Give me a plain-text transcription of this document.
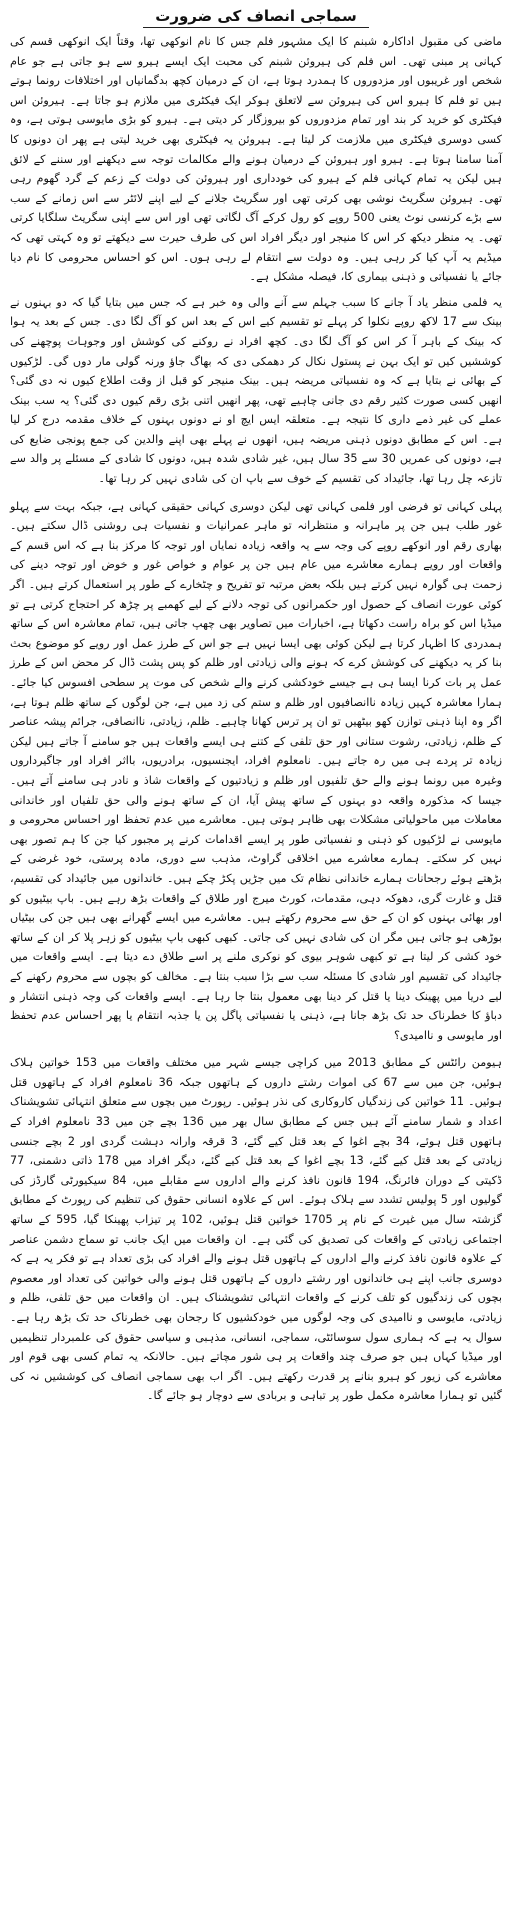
سماجی انصاف کی ضرورت

ماضی کی مقبول اداکارہ شبنم کا ایک مشہور فلم جس کا نام انوکھی تھا، وقتاً ایک انوکھی قسم کی کہانی پر مبنی تھی۔ اس فلم کی ہیروئن شبنم کی محبت ایک ایسے ہیرو سے ہو جاتی ہے جو عام شخص اور غریبوں اور مزدوروں کا ہمدرد ہوتا ہے، ان کے درمیان کچھ بدگمانیاں اور اختلافات رونما ہوتے ہیں تو فلم کا ہیرو اس کی ہیروئن سے لاتعلق ہوکر ایک فیکٹری میں ملازم ہو جاتا ہے۔ ہیروئن اس فیکٹری کو خرید کر بند اور تمام مزدوروں کو بیروزگار کر دیتی ہے۔ ہیرو کو بڑی مایوسی ہوتی ہے، وہ کسی دوسری فیکٹری میں ملازمت کر لیتا ہے۔ ہیروئن یہ فیکٹری بھی خرید لیتی ہے پھر ان دونوں کا آمنا سامنا ہوتا ہے۔ ہیرو اور ہیروئن کے درمیان ہونے والے مکالمات توجہ سے دیکھنے اور سننے کے لائق ہیں لیکن یہ تمام کہانی فلم کے ہیرو کی خودداری اور ہیروئن کی دولت کے زعم کے گرد گھوم رہی تھی۔ ہیروئن سگریٹ نوشی بھی کرتی تھی اور سگریٹ جلانے کے لیے اپنے لائٹر سے اس زمانے کے سب سے بڑے کرنسی نوٹ یعنی 500 روپے کو رول کرکے آگ لگاتی تھی اور اس سے اپنی سگریٹ سلگایا کرتی تھی۔ یہ منظر دیکھ کر اس کا منیجر اور دیگر افراد اس کی طرف حیرت سے دیکھتے تو وہ کہتی تھی کہ میڈیم یہ آپ کیا کر رہی ہیں۔ وہ دولت سے انتقام لے رہی ہوں۔ اس کو احساس محرومی کا نام دیا جائے یا نفسیاتی و ذہنی بیماری کا، فیصلہ مشکل ہے۔

یہ فلمی منظر یاد آ جانے کا سبب جہلم سے آنے والی وہ خبر ہے کہ جس میں بتایا گیا کہ دو بہنوں نے بینک سے 17 لاکھ روپے نکلوا کر پہلے تو تقسیم کیے اس کے بعد اس کو آگ لگا دی۔ جس کے بعد یہ ہوا کہ بینک کے باہر آ کر اس کو آگ لگا دی۔ کچھ افراد نے روکنے کی کوشش اور وجوہات پوچھنے کی کوششیں کیں تو ایک بہن نے پستول نکال کر دھمکی دی کہ بھاگ جاؤ ورنہ گولی مار دوں گی۔ لڑکیوں کے بھائی نے بتایا ہے کہ وہ نفسیاتی مریضہ ہیں۔ بینک منیجر کو قبل از وقت اطلاع کیوں نہ دی گئی؟ انھیں کسی صورت کثیر رقم دی جانی چاہیے تھی، پھر انھیں اتنی بڑی رقم کیوں دی گئی؟ یہ سب بینک عملے کی غیر ذمے داری کا نتیجہ ہے۔ متعلقہ ایس ایچ او نے دونوں بہنوں کے خلاف مقدمہ درج کر لیا ہے۔ اس کے مطابق دونوں ذہنی مریضہ ہیں، انھوں نے پہلے بھی اپنے والدین کی جمع پونجی ضایع کی ہے، دونوں کی عمریں 30 سے 35 سال ہیں، غیر شادی شدہ ہیں، دونوں کا شادی کے مسئلے پر والد سے تازعہ چل رہا تھا، جائیداد کی تقسیم کے خوف سے باپ ان کی شادی نہیں کر رہا تھا۔

پہلی کہانی تو فرضی اور فلمی کہانی تھی لیکن دوسری کہانی حقیقی کہانی ہے، جبکہ بہت سے پہلو غور طلب ہیں جن پر ماہرانہ و منتظرانہ تو ماہر عمرانیات و نفسیات ہی روشنی ڈال سکتے ہیں۔ بھاری رقم اور انوکھے روپے کی وجہ سے یہ واقعہ زیادہ نمایاں اور توجہ کا مرکز بنا ہے کہ اس قسم کے واقعات اور رویے ہمارے معاشرے میں عام ہیں جن پر عوام و خواص غور و خوض اور توجہ دینے کی زحمت ہی گوارہ نہیں کرتے ہیں بلکہ بعض مرتبہ تو تفریح و چٹخارے کے طور پر استعمال کرتے ہیں۔ اگر کوئی عورت انصاف کے حصول اور حکمرانوں کی توجہ دلانے کے لیے کھمبے پر چڑھ کر احتجاج کرتی ہے تو میڈیا اس کو براہ راست دکھاتا ہے، اخبارات میں تصاویر بھی چھپ جاتی ہیں، تمام معاشرہ اس کے ساتھ ہمدردی کا اظہار کرتا ہے لیکن کوئی بھی ایسا نہیں ہے جو اس کے طرز عمل اور رویے کو موضوع بحث بنا کر یہ دیکھنے کی کوشش کرے کہ ہونے والی زیادتی اور ظلم کو پس پشت ڈال کر محض اس کے طرز عمل پر بات کرنا ایسا ہی ہے جیسے خودکشی کرنے والے شخص کی موت پر سطحی افسوس کیا جائے۔ ہمارا معاشرہ کہیں زیادہ ناانصافیوں اور ظلم و ستم کی زد میں ہے، جن لوگوں کے ساتھ ظلم ہوتا ہے، اگر وہ اپنا ذہنی توازن کھو بیٹھیں تو ان پر ترس کھانا چاہیے۔ ظلم، زیادتی، ناانصافی، جرائم پیشہ عناصر کے ظلم، زیادتی، رشوت ستانی اور حق تلفی کے کتنے ہی ایسے واقعات ہیں جو سامنے آ جاتے ہیں لیکن زیادہ تر پردے ہی میں رہ جاتے ہیں۔ نامعلوم افراد، ایجنسیوں، برادریوں، بااثر افراد اور جاگیرداروں وغیرہ میں رونما ہونے والے حق تلفیوں اور ظلم و زیادتیوں کے واقعات شاذ و نادر ہی سامنے آتے ہیں۔ جیسا کہ مذکورہ واقعہ دو بہنوں کے ساتھ پیش آیا، ان کے ساتھ ہونے والی حق تلفیاں اور خاندانی معاملات میں ماحولیاتی مشکلات بھی ظاہر ہوتی ہیں۔ معاشرے میں عدم تحفظ اور احساس محرومی و مایوسی نے لڑکیوں کو ذہنی و نفسیاتی طور پر ایسے اقدامات کرنے پر مجبور کیا جن کا ہم تصور بھی نہیں کر سکتے۔ ہمارے معاشرے میں اخلاقی گراوٹ، مذہب سے دوری، مادہ پرستی، خود غرضی کے بڑھتے ہوئے رجحانات ہمارے خاندانی نظام تک میں جڑیں پکڑ چکے ہیں۔ خاندانوں میں جائیداد کی تقسیم، قتل و غارت گری، دھوکہ دہی، مقدمات، کورٹ میرج اور طلاق کے واقعات بڑھ رہے ہیں۔ باپ بیٹیوں کو اور بھائی بہنوں کو ان کے حق سے محروم رکھتے ہیں۔ معاشرے میں ایسے گھرانے بھی ہیں جن کی بیٹیاں بوڑھی ہو جاتی ہیں مگر ان کی شادی نہیں کی جاتی۔ کبھی کبھی باپ بیٹیوں کو زہر پلا کر ان کے ساتھ خود کشی کر لیتا ہے تو کبھی شوہر بیوی کو نوکری ملنے پر اسے طلاق دے دیتا ہے۔ ایسے واقعات میں جائیداد کی تقسیم اور شادی کا مسئلہ سب سے بڑا سبب بنتا ہے۔ مخالف کو بچوں سے محروم رکھنے کے لیے دریا میں پھینک دینا یا قتل کر دینا بھی معمول بنتا جا رہا ہے۔ ایسے واقعات کی وجہ ذہنی انتشار و دباؤ کا خطرناک حد تک بڑھ جانا ہے، ذہنی یا نفسیاتی پاگل پن یا جذبہ انتقام یا پھر احساس عدم تحفظ اور مایوسی و ناامیدی؟

ہیومن رائٹس کے مطابق 2013 میں کراچی جیسے شہر میں مختلف واقعات میں 153 خواتین ہلاک ہوئیں، جن میں سے 67 کی اموات رشتے داروں کے ہاتھوں جبکہ 36 نامعلوم افراد کے ہاتھوں قتل ہوئیں۔ 11 خواتین کی زندگیاں کاروکاری کی نذر ہوئیں۔ رپورٹ میں بچوں سے متعلق انتہائی تشویشناک اعداد و شمار سامنے آئے ہیں جس کے مطابق سال بھر میں 136 بچے جن میں 33 نامعلوم افراد کے ہاتھوں قتل ہوئے، 34 بچے اغوا کے بعد قتل کیے گئے، 3 قرقہ وارانہ دہشت گردی اور 2 بچے جنسی زیادتی کے بعد قتل کیے گئے، 13 بچے اغوا کے بعد قتل کیے گئے، دیگر افراد میں 178 ذاتی دشمنی، 77 ڈکیتی کے دوران فائرنگ، 194 قانون نافذ کرنے والے اداروں سے مقابلے میں، 84 سیکیورٹی گارڈز کی گولیوں اور 5 پولیس تشدد سے ہلاک ہوئے۔ اس کے علاوہ انسانی حقوق کی تنظیم کی رپورٹ کے مطابق گزشتہ سال میں غیرت کے نام پر 1705 خواتین قتل ہوئیں، 102 پر تیزاب پھینکا گیا، 595 کے ساتھ اجتماعی زیادتی کے واقعات کی تصدیق کی گئی ہے۔ ان واقعات میں ایک جانب تو سماج دشمن عناصر کے علاوہ قانون نافذ کرنے والے اداروں کے ہاتھوں قتل ہونے والے افراد کی بڑی تعداد ہے تو فکر یہ ہے کہ دوسری جانب اپنے ہی خاندانوں اور رشتے داروں کے ہاتھوں قتل ہونے والی خواتین کی تعداد اور معصوم بچوں کی زندگیوں کو تلف کرنے کے واقعات انتہائی تشویشناک ہیں۔ ان واقعات میں حق تلفی، ظلم و زیادتی، مایوسی و ناامیدی کی وجہ لوگوں میں خودکشیوں کا رجحان بھی خطرناک حد تک بڑھ رہا ہے۔ سوال یہ ہے کہ ہماری سول سوسائٹی، سماجی، انسانی، مذہبی و سیاسی حقوق کی علمبردار تنظیمیں اور میڈیا کہاں ہیں جو صرف چند واقعات پر ہی شور مچاتے ہیں۔ حالانکہ یہ تمام کسی بھی قوم اور معاشرے کی زیور کو ہیرو بنانے پر قدرت رکھتے ہیں۔ اگر اب بھی سماجی انصاف کی کوششیں نہ کی گئیں تو ہمارا معاشرہ مکمل طور پر تباہی و بربادی سے دوچار ہو جائے گا۔
